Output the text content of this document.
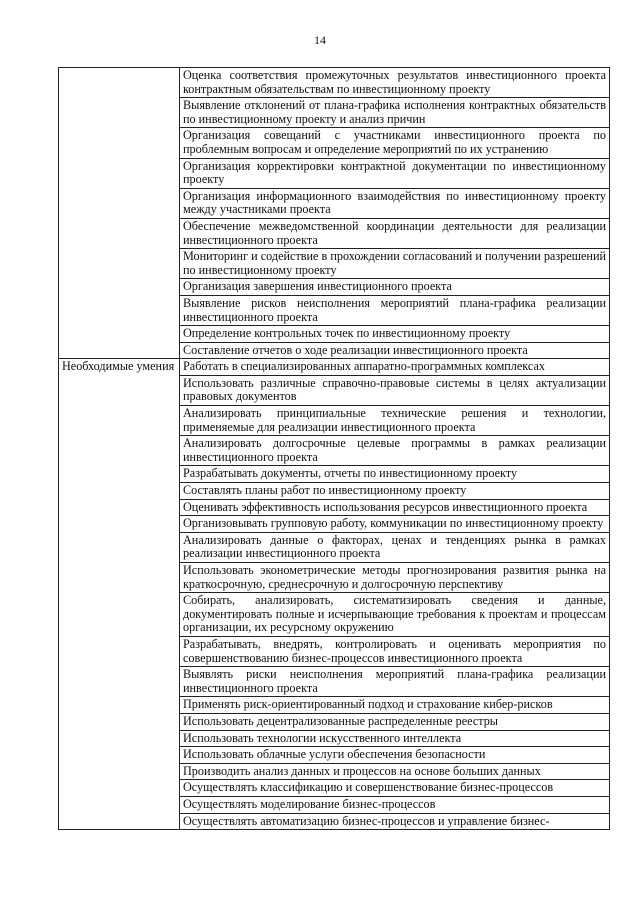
14
	Оценка соответствия промежуточных результатов инвестиционного проекта контрактным обязательствам по инвестиционному проекту
	Выявление отклонений от плана-графика исполнения контрактных обязательств по инвестиционному проекту и анализ причин
	Организация совещаний с участниками инвестиционного проекта по проблемным вопросам и определение мероприятий по их устранению
	Организация корректировки контрактной документации по инвестиционному проекту
	Организация информационного взаимодействия по инвестиционному проекту между участниками проекта
	Обеспечение межведомственной координации деятельности для реализации инвестиционного проекта
	Мониторинг и содействие в прохождении согласований и получении разрешений по инвестиционному проекту
	Организация завершения инвестиционного проекта
	Выявление рисков неисполнения мероприятий плана-графика реализации инвестиционного проекта
	Определение контрольных точек по инвестиционному проекту
	Составление отчетов о ходе реализации инвестиционного проекта
Необходимые умения	Работать в специализированных аппаратно-программных комплексах
	Использовать различные справочно-правовые системы в целях актуализации правовых документов
	Анализировать принципиальные технические решения и технологии, применяемые для реализации инвестиционного проекта
	Анализировать долгосрочные целевые программы в рамках реализации инвестиционного проекта
	Разрабатывать документы, отчеты по инвестиционному проекту
	Составлять планы работ по инвестиционному проекту
	Оценивать эффективность использования ресурсов инвестиционного проекта
	Организовывать групповую работу, коммуникации по инвестиционному проекту
	Анализировать данные о факторах, ценах и тенденциях рынка в рамках реализации инвестиционного проекта
	Использовать эконометрические методы прогнозирования развития рынка на краткосрочную, среднесрочную и долгосрочную перспективу
	Собирать, анализировать, систематизировать сведения и данные, документировать полные и исчерпывающие требования к проектам и процессам организации, их ресурсному окружению
	Разрабатывать, внедрять, контролировать и оценивать мероприятия по совершенствованию бизнес-процессов инвестиционного проекта
	Выявлять риски неисполнения мероприятий плана-графика реализации инвестиционного проекта
	Применять риск-ориентированный подход и страхование кибер-рисков
	Использовать децентрализованные распределенные реестры
	Использовать технологии искусственного интеллекта
	Использовать облачные услуги обеспечения безопасности
	Производить анализ данных и процессов на основе больших данных
	Осуществлять классификацию и совершенствование бизнес-процессов
	Осуществлять моделирование бизнес-процессов
	Осуществлять автоматизацию бизнес-процессов и управление бизнес-
